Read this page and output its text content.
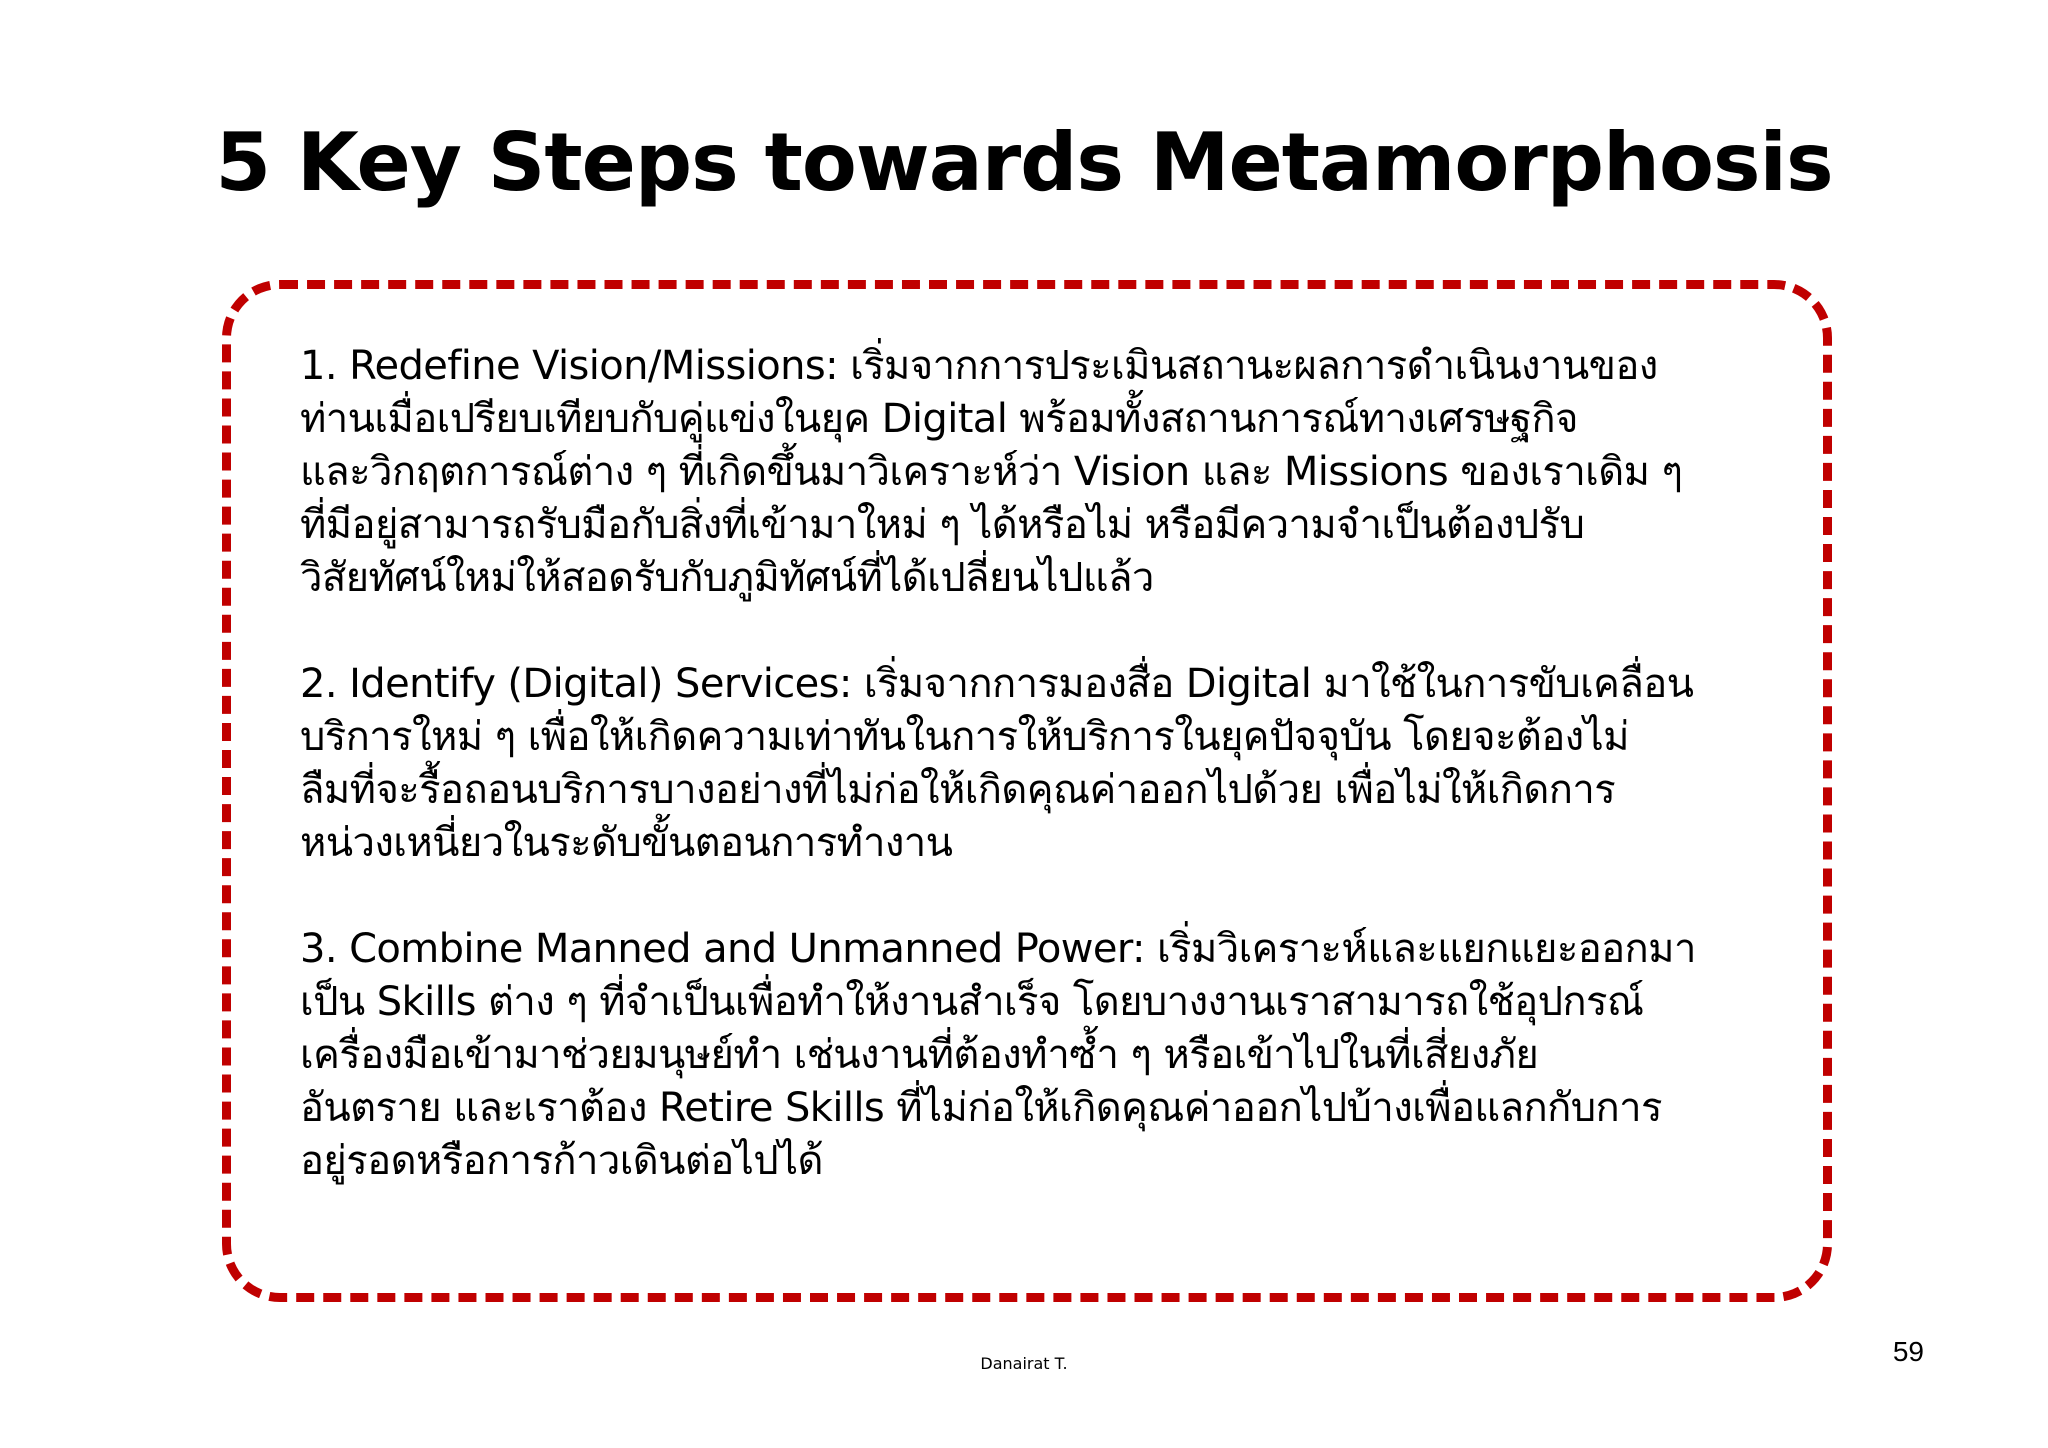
5 Key Steps towards Metamorphosis
1. Redefine Vision/Missions: เริ่มจากการประเมินสถานะผลการดำเนินงานของ
ท่านเมื่อเปรียบเทียบกับคู่แข่งในยุค Digital พร้อมทั้งสถานการณ์ทางเศรษฐกิจ
และวิกฤตการณ์ต่าง ๆ ที่เกิดขึ้นมาวิเคราะห์ว่า Vision และ Missions ของเราเดิม ๆ
ที่มีอยู่สามารถรับมือกับสิ่งที่เข้ามาใหม่ ๆ ได้หรือไม่ หรือมีความจำเป็นต้องปรับ
วิสัยทัศน์ใหม่ให้สอดรับกับภูมิทัศน์ที่ได้เปลี่ยนไปแล้ว
2. Identify (Digital) Services: เริ่มจากการมองสื่อ Digital มาใช้ในการขับเคลื่อน
บริการใหม่ ๆ เพื่อให้เกิดความเท่าทันในการให้บริการในยุคปัจจุบัน โดยจะต้องไม่
ลืมที่จะรื้อถอนบริการบางอย่างที่ไม่ก่อให้เกิดคุณค่าออกไปด้วย เพื่อไม่ให้เกิดการ
หน่วงเหนี่ยวในระดับขั้นตอนการทำงาน
3. Combine Manned and Unmanned Power: เริ่มวิเคราะห์และแยกแยะออกมา
เป็น Skills ต่าง ๆ ที่จำเป็นเพื่อทำให้งานสำเร็จ โดยบางงานเราสามารถใช้อุปกรณ์
เครื่องมือเข้ามาช่วยมนุษย์ทำ เช่นงานที่ต้องทำซ้ำ ๆ หรือเข้าไปในที่เสี่ยงภัย
อันตราย และเราต้อง Retire Skills ที่ไม่ก่อให้เกิดคุณค่าออกไปบ้างเพื่อแลกกับการ
อยู่รอดหรือการก้าวเดินต่อไปได้
Danairat T.	59
